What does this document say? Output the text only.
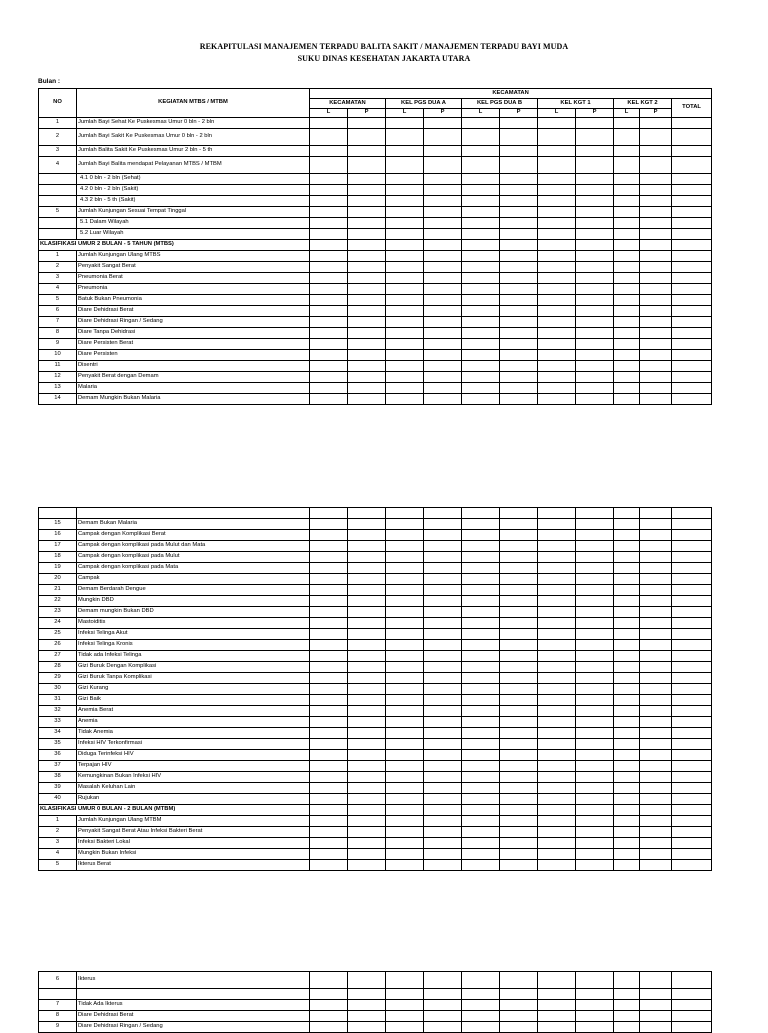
REKAPITULASI MANAJEMEN TERPADU BALITA SAKIT / MANAJEMEN TERPADU BAYI MUDA
SUKU DINAS KESEHATAN JAKARTA UTARA
Bulan :
NO	KEGIATAN MTBS / MTBM	KECAMATAN										
		KECAMATAN		KEL PGS DUA A		KEL PGS DUA B		KEL KGT 1		KEL KGT 2		TOTAL
		L	P	L	P	L	P	L	P	L	P	
1	Jumlah Bayi Sehat Ke Puskesmas Umur 0 bln - 2 bln											
2	Jumlah Bayi Sakit Ke Puskesmas Umur 0 bln - 2 bln											
3	Jumlah Balita Sakit Ke Puskesmas Umur 2 bln - 5 th											
4	Jumlah Bayi Balita mendapat Pelayanan MTBS / MTBM											
	4.1 0 bln - 2 bln (Sehat)											
	4.2 0 bln - 2 bln (Sakit)											
	4.3 2 bln - 5 th (Sakit)											
5	Jumlah Kunjungan Sesuai Tempat Tinggal											
	5.1 Dalam Wilayah											
	5.2 Luar Wilayah											
KLASIFIKASI UMUR 2 BULAN - 5 TAHUN (MTBS)												
1	Jumlah Kunjungan Ulang MTBS											
2	Penyakit Sangat Berat											
3	Pneumonia Berat											
4	Pneumonia											
5	Batuk Bukan Pneumonia											
6	Diare Dehidrasi Berat											
7	Diare Dehidrasi Ringan / Sedang											
8	Diare Tanpa Dehidrasi											
9	Diare Persisten Berat											
10	Diare Persisten											
11	Disentri											
12	Penyakit Berat dengan Demam											
13	Malaria											
14	Demam Mungkin Bukan Malaria											

15	Demam Bukan Malaria											
16	Campak dengan Komplikasi Berat											
17	Campak dengan komplikasi pada Mulut dan Mata											
18	Campak dengan komplikasi pada Mulut											
19	Campak dengan komplikasi pada Mata											
20	Campak											
21	Demam Berdarah Dengue											
22	Mungkin DBD											
23	Demam mungkin Bukan DBD											
24	Mastoiditis											
25	Infeksi Telinga Akut											
26	Infeksi Telinga Kronis											
27	Tidak ada Infeksi Telinga											
28	Gizi Buruk Dengan Komplikasi											
29	Gizi Buruk Tanpa Komplikasi											
30	Gizi Kurang											
31	Gizi Baik											
32	Anemia Berat											
33	Anemia											
34	Tidak Anemia											
35	Infeksi HIV Terkonfirmasi											
36	Diduga Terinfeksi HIV											
37	Terpajan HIV											
38	Kemungkinan Bukan Infeksi HIV											
39	Masalah Keluhan Lain											
40	Rujukan											
KLASIFIKASI UMUR 0 BULAN - 2 BULAN (MTBM)												
1	Jumlah Kunjungan Ulang MTBM											
2	Penyakit Sangat Berat Atau Infeksi Bakteri Berat											
3	Infeksi Bakteri Lokal											
4	Mungkin Bukan Infeksi											
5	Ikterus Berat											
6	Ikterus											

7	Tidak Ada Ikterus											
8	Diare Dehidrasi Berat											
9	Diare Dehidrasi Ringan / Sedang											
